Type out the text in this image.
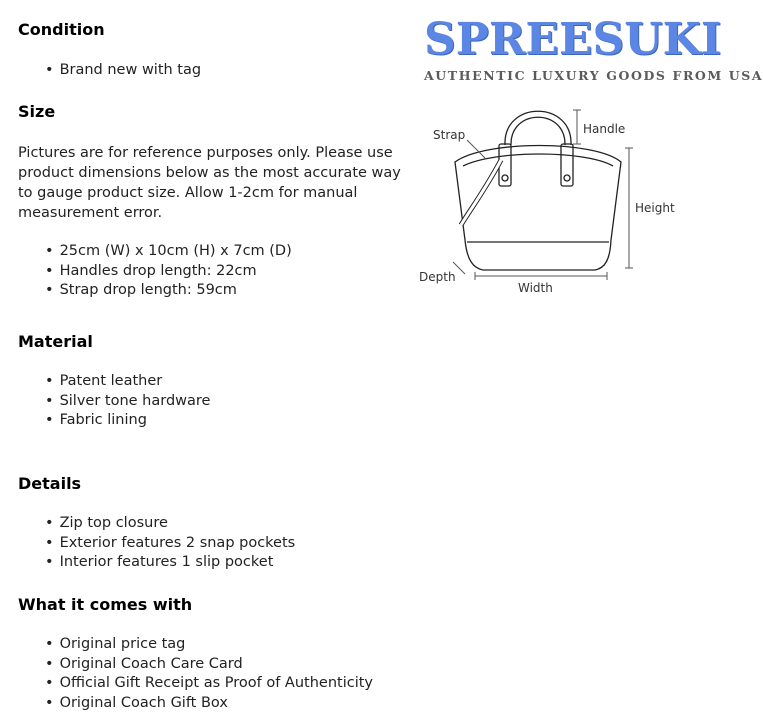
SPREESUKI
AUTHENTIC LUXURY GOODS FROM USA
Condition
• Brand new with tag
Size

Pictures are for reference purposes only. Please use product dimensions below as the most accurate way to gauge product size. Allow 1-2cm for manual measurement error.

• 25cm (W) x 10cm (H) x 7cm (D)
• Handles drop length: 22cm
• Strap drop length: 59cm
Material
• Patent leather
• Silver tone hardware
• Fabric lining
Details
• Zip top closure
• Exterior features 2 snap pockets
• Interior features 1 slip pocket
What it comes with
• Original price tag
• Original Coach Care Card
• Official Gift Receipt as Proof of Authenticity
• Original Coach Gift Box
Strap	Handle
Height
Depth
Width
